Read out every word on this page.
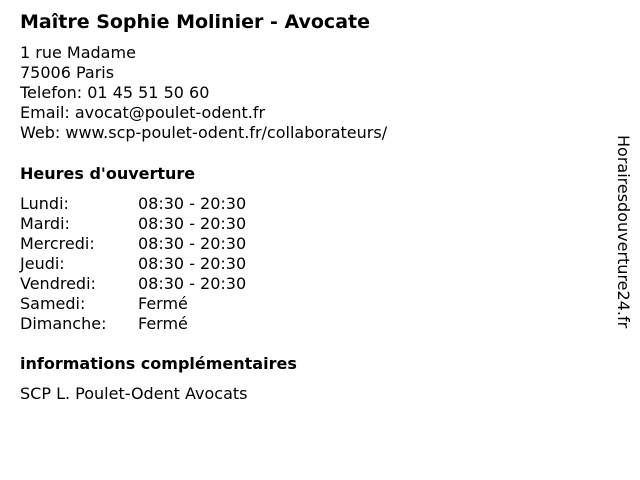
Maître Sophie Molinier - Avocate
1 rue Madame
75006 Paris
Telefon: 01 45 51 50 60
Email: avocat@poulet-odent.fr
Web: www.scp-poulet-odent.fr/collaborateurs/
Heures d'ouverture
Lundi:	08:30 - 20:30
Mardi:	08:30 - 20:30
Mercredi:	08:30 - 20:30
Jeudi:	08:30 - 20:30
Vendredi:	08:30 - 20:30
Samedi:	Fermé
Dimanche: Fermé
informations complémentaires
SCP L. Poulet-Odent Avocats
Horairesdouverture24.fr
